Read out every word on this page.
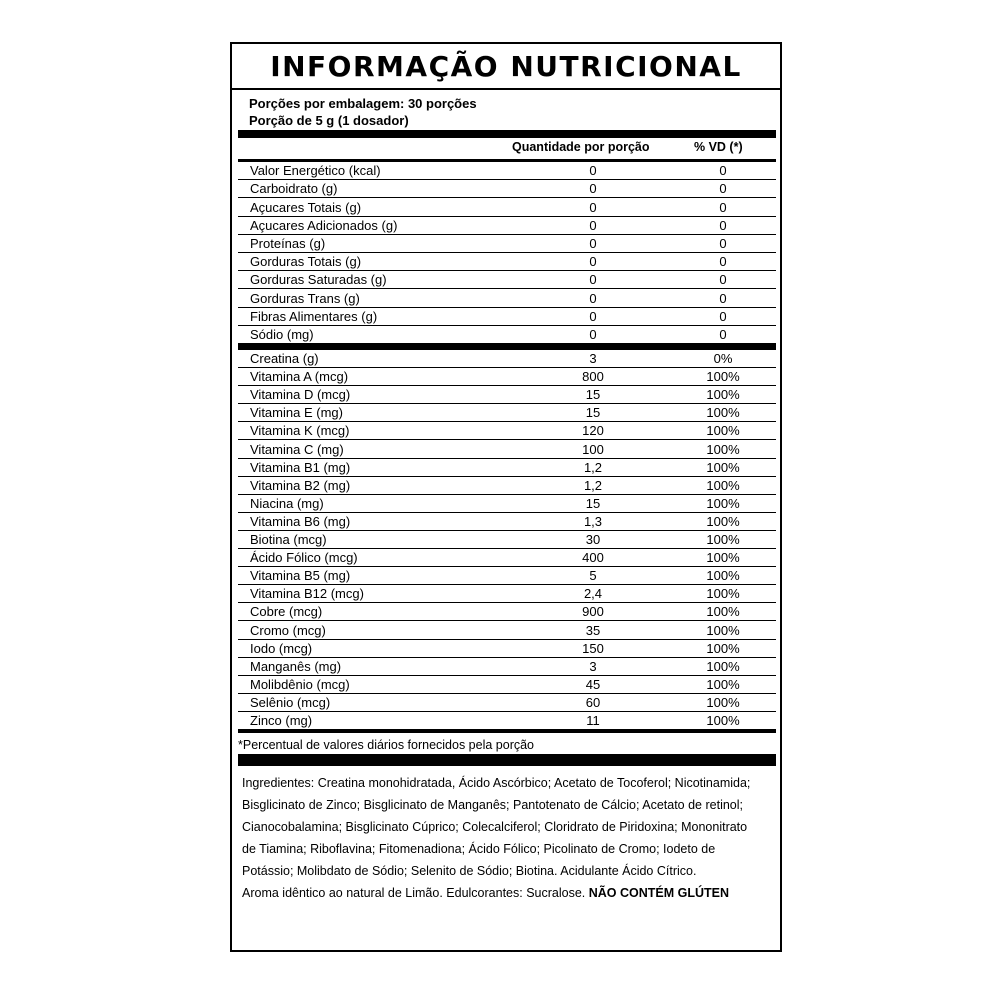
INFORMAÇÃO NUTRICIONAL
Porções por embalagem: 30 porções
Porção de 5 g (1 dosador)
Quantidade por porção	% VD (*)
Valor Energético (kcal)	0	0
Carboidrato (g)	0	0
Açucares Totais (g)	0	0
Açucares Adicionados (g)	0	0
Proteínas (g)	0	0
Gorduras Totais (g)	0	0
Gorduras Saturadas (g)	0	0
Gorduras Trans (g)	0	0
Fibras Alimentares (g)	0	0
Sódio (mg)	0	0
Creatina (g)	3	0%
Vitamina A (mcg)	800	100%
Vitamina D (mcg)	15	100%
Vitamina E (mg)	15	100%
Vitamina K (mcg)	120	100%
Vitamina C (mg)	100	100%
Vitamina B1 (mg)	1,2	100%
Vitamina B2 (mg)	1,2	100%
Niacina (mg)	15	100%
Vitamina B6 (mg)	1,3	100%
Biotina (mcg)	30	100%
Ácido Fólico (mcg)	400	100%
Vitamina B5 (mg)	5	100%
Vitamina B12 (mcg)	2,4	100%
Cobre (mcg)	900	100%
Cromo (mcg)	35	100%
Iodo (mcg)	150	100%
Manganês (mg)	3	100%
Molibdênio (mcg)	45	100%
Selênio (mcg)	60	100%
Zinco (mg)	11	100%
*Percentual de valores diários fornecidos pela porção
Ingredientes: Creatina monohidratada, Ácido Ascórbico; Acetato de Tocoferol; Nicotinamida;
Bisglicinato de Zinco; Bisglicinato de Manganês; Pantotenato de Cálcio; Acetato de retinol;
Cianocobalamina; Bisglicinato Cúprico; Colecalciferol; Cloridrato de Piridoxina; Mononitrato
de Tiamina; Riboflavina; Fitomenadiona; Ácido Fólico; Picolinato de Cromo; Iodeto de
Potássio; Molibdato de Sódio; Selenito de Sódio; Biotina. Acidulante Ácido Cítrico.
Aroma idêntico ao natural de Limão. Edulcorantes: Sucralose. NÃO CONTÉM GLÚTEN
